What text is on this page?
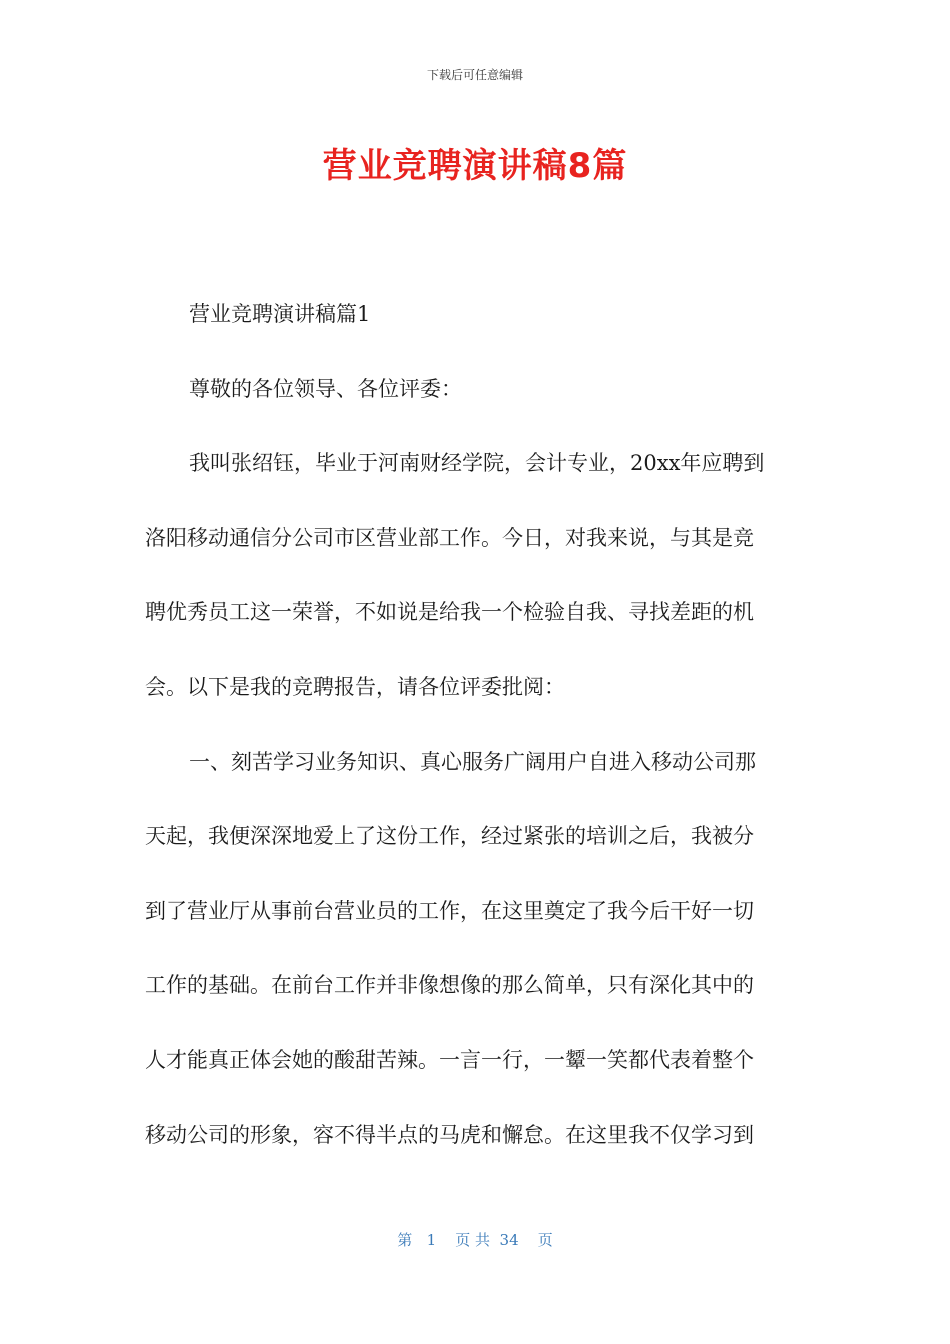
下载后可任意编辑
营业竞聘演讲稿8篇

营业竞聘演讲稿篇1

尊敬的各位领导、各位评委：

我叫张绍钰，毕业于河南财经学院，会计专业，20xx年应聘到

洛阳移动通信分公司市区营业部工作。今日，对我来说，与其是竞

聘优秀员工这一荣誉，不如说是给我一个检验自我、寻找差距的机

会。以下是我的竞聘报告，请各位评委批阅：

一、刻苦学习业务知识、真心服务广阔用户自进入移动公司那

天起，我便深深地爱上了这份工作，经过紧张的培训之后，我被分

到了营业厅从事前台营业员的工作，在这里奠定了我今后干好一切

工作的基础。在前台工作并非像想像的那么简单，只有深化其中的

人才能真正体会她的酸甜苦辣。一言一行，一颦一笑都代表着整个

移动公司的形象，容不得半点的马虎和懈怠。在这里我不仅学习到

第 1 页 共 34 页
